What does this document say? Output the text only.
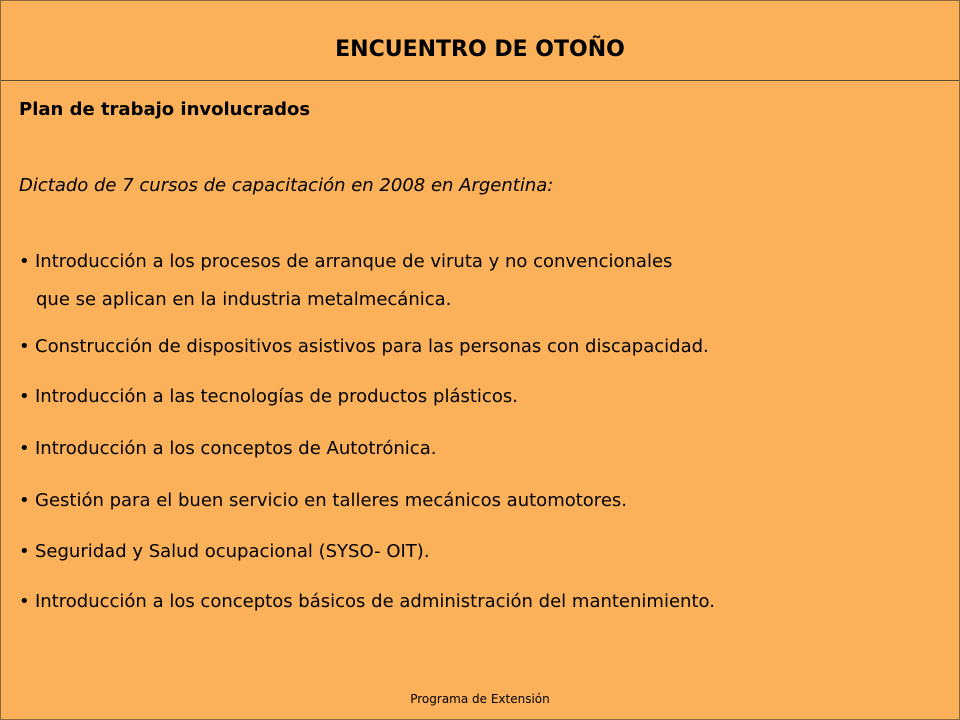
ENCUENTRO DE OTOÑO
Plan de trabajo involucrados
Dictado de 7 cursos de capacitación en 2008 en Argentina:
• Introducción a los procesos de arranque de viruta y no convencionales
que se aplican en la industria metalmecánica.
• Construcción de dispositivos asistivos para las personas con discapacidad.
• Introducción a las tecnologías de productos plásticos.
• Introducción a los conceptos de Autotrónica.
• Gestión para el buen servicio en talleres mecánicos automotores.
• Seguridad y Salud ocupacional (SYSO- OIT).
• Introducción a los conceptos básicos de administración del mantenimiento.
Programa de Extensión
